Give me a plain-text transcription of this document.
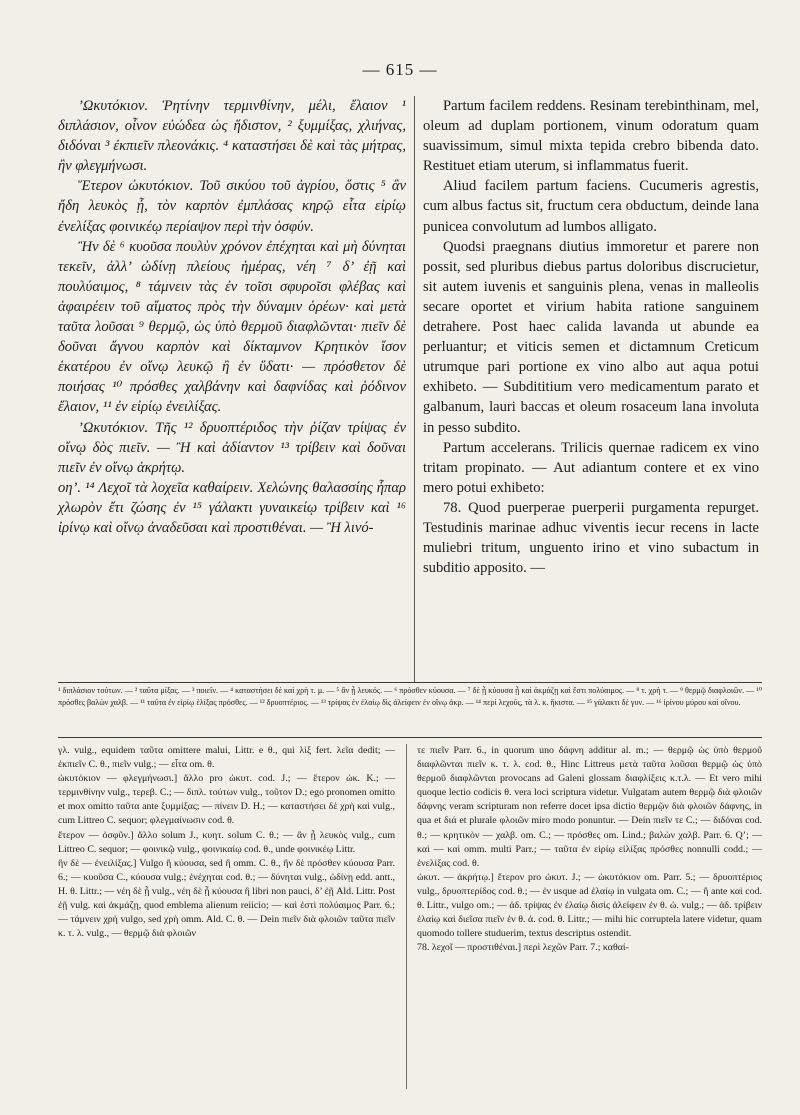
— 615 —

’Ωκυτόκιον. Ῥητίνην τερμινθίνην, μέλι, ἔλαιον ¹ διπλάσιον, οἶνον εὐώδεα ὡς ἥδιστον, ² ξυμμίξας, χλιήνας, διδόναι ³ ἐκπιεῖν πλεονάκις. ⁴ καταστήσει δὲ καὶ τὰς μήτρας, ἢν φλεγμήνωσι.

Ἕτερον ὠκυτόκιον. Τοῦ σικύου τοῦ ἀγρίου, ὅστις ⁵ ἂν ἤδη λευκὸς ᾖ, τὸν καρπὸν ἐμπλάσας κηρῷ εἶτα εἰρίῳ ἐνελίξας φοινικέῳ περίαψον περὶ τὴν ὀσφύν.

Ἢν δὲ ⁶ κυοῦσα πουλὺν χρόνον ἐπέχηται καὶ μὴ δύνηται τεκεῖν, ἀλλ’ ὠδίνῃ πλείους ἡμέρας, νέη ⁷ δ’ ἐῇ καὶ πουλύαιμος, ⁸ τάμνειν τὰς ἐν τοῖσι σφυροῖσι φλέβας καὶ ἀφαιρέειν τοῦ αἵματος πρὸς τὴν δύναμιν ὁρέων· καὶ μετὰ ταῦτα λοῦσαι ⁹ θερμῷ, ὡς ὑπὸ θερμοῦ διαφλῶνται· πιεῖν δὲ δοῦναι ἄγνου καρπὸν καὶ δίκταμνον Κρητικὸν ἴσον ἑκατέρου ἐν οἴνῳ λευκῷ ἢ ἐν ὕδατι· — πρόσθετον δὲ ποιήσας ¹⁰ πρόσθες χαλβάνην καὶ δαφνίδας καὶ ῥόδινον ἔλαιον, ¹¹ ἐν εἰρίῳ ἐνειλίξας.

’Ωκυτόκιον. Τῆς ¹² δρυοπτέριδος τὴν ῥίζαν τρίψας ἐν οἴνῳ δὸς πιεῖν. — Ἢ καὶ ἀδίαντον ¹³ τρίβειν καὶ δοῦναι πιεῖν ἐν οἴνῳ ἀκρήτῳ.

οη’. ¹⁴ Λεχοῖ τὰ λοχεῖα καθαίρειν. Χελώνης θαλασσίης ἧπαρ χλωρὸν ἔτι ζώσης ἐν ¹⁵ γάλακτι γυναικείῳ τρίβειν καὶ ¹⁶ ἰρίνῳ καὶ οἴνῳ ἀναδεῦσαι καὶ προστιθέναι. — Ἢ λινό-

Partum facilem reddens. Resinam terebinthinam, mel, oleum ad duplam portionem, vinum odoratum quam suavissimum, simul mixta tepida crebro bibenda dato. Restituet etiam uterum, si inflammatus fuerit.

Aliud facilem partum faciens. Cucumeris agrestis, cum albus factus sit, fructum cera obductum, deinde lana punicea convolutum ad lumbos alligato.

Quodsi praegnans diutius immoretur et parere non possit, sed pluribus diebus partus doloribus discrucietur, sit autem iuvenis et sanguinis plena, venas in malleolis secare oportet et virium habita ratione sanguinem detrahere. Post haec calida lavanda ut abunde ea perluantur; et viticis semen et dictamnum Creticum utrumque pari portione ex vino albo aut aqua potui exhibeto. — Subdititium vero medicamentum parato et galbanum, lauri baccas et oleum rosaceum lana involuta in pesso subdito.

Partum accelerans. Trilicis quernae radicem ex vino tritam propinato. — Aut adiantum contere et ex vino mero potui exhibeto:

78. Quod puerperae puerperii purgamenta repurget. Testudinis marinae adhuc viventis iecur recens in lacte muliebri tritum, unguento irino et vino subactum in subditio apposito. —

¹ διπλάσιον τούτων. — ² ταῦτα μίξας. — ³ ποιεῖν. — ⁴ καταστήσει δὲ καὶ χρὴ τ. μ. — ⁵ ἂν ᾖ λευκός. — ⁶ πρόσθεν κύουσα. — ⁷ δὲ ᾖ κύουσα ᾖ καὶ ἀκμάζῃ καὶ ἔστι πολύαιμος. — ⁸ τ. χρὴ τ. — ⁹ θερμῷ διαφλοιῶν. — ¹⁰ πρόσθες βαλὼν χαλβ. — ¹¹ ταῦτα ἐν εἰρίῳ ἑλίξας πρόσθες. — ¹² δρυοπτέριος. — ¹³ τρίψας ἐν ἐλαίῳ δὶς ἀλείφειν ἐν οἴνῳ ἀκρ. — ¹⁴ περὶ λεχοῦς, τὰ λ. κ. ἥκιστα. — ¹⁵ γάλακτι δὲ γυν. — ¹⁶ ἰρίνου μύρου καὶ οἴνου.

γλ. vulg., equidem ταῦτα omittere malui, Littr. e θ., qui λὶξ fert. λεῖα dedit; — ἐκπιεῖν C. θ., πιεῖν vulg.; — εἶτα om. θ.

ὠκυτόκιον — φλεγμήνωσι.] ἄλλο pro ὠκυτ. cod. J.; — ἕτερον ὠκ. K.; — τερμινθίνην vulg., τερεβ. C.; — διπλ. τούτων vulg., τοῦτον D.; ego pronomen omitto et mox omitto ταῦτα ante ξυμμίξας; — πίνειν D. H.; — καταστήσει δὲ χρὴ καὶ vulg., cum Littreo C. sequor; φλεγμαίνωσιν cod. θ.

ἕτερον — ὀσφῦν.] ἄλλο solum J., κυητ. solum C. θ.; — ἂν ᾖ λευκὸς vulg., cum Littreo C. sequor; — φοινικῷ vulg., φοινικαίῳ cod. θ., unde φοινικέῳ Littr.

ἢν δὲ — ἐνειλίξας.] Vulgo ἢ κύουσα, sed ἢ omm. C. θ., ἢν δὲ πρόσθεν κύουσα Parr. 6.; — κυοῦσα C., κύουσα vulg.; ἐνέχηται cod. θ.; — δύνηται vulg., ὠδίνῃ edd. antt., H. θ. Littr.; — νέη δὲ ᾖ vulg., νέη δὲ ᾖ κύουσα ἢ libri non pauci, δ’ ἐῇ Ald. Littr. Post ἐῇ vulg. καὶ ἀκμάζῃ, quod emblema alienum reiicio; — καὶ ἐστὶ πολύαιμος Parr. 6.; — τάμνειν χρὴ vulgo, sed χρὴ omm. Ald. C. θ. — Dein πιεῖν διὰ φλοιῶν ταῦτα πιεῖν κ. τ. λ. vulg., — θερμῷ διὰ φλοιῶν

τε πιεῖν Parr. 6., in quorum uno δάφνη additur al. m.; — θερμῷ ὡς ὑπὸ θερμοῦ διαφλῶνται πιεῖν κ. τ. λ. cod. θ., Hinc Littreus μετὰ ταῦτα λοῦσαι θερμῷ ὡς ὑπὸ θερμοῦ διαφλῶνται provocans ad Galeni glossam διαφλίξεις κ.τ.λ. — Et vero mihi quoque lectio codicis θ. vera loci scriptura videtur. Vulgatam autem θερμῷ διὰ φλοιῶν δάφνης veram scripturam non referre docet ipsa dictio θερμῷν διὰ φλοιῶν δάφνης, in qua et διά et plurale φλοιῶν miro modo ponuntur. — Dein πιεῖν τε C.; — διδόναι cod. θ.; — κρητικὸν — χαλβ. om. C.; — πρόσθες om. Lind.; βαλὼν χαλβ. Parr. 6. Q’; — καὶ — καὶ omm. multi Parr.; — ταῦτα ἐν εἰρίῳ εἰλίξας πρόσθες nonnulli codd.; — ἐνελίξας cod. θ.

ὠκυτ. — ἀκρήτῳ.] ἕτερον pro ὠκυτ. J.; — ὠκυτόκιον om. Parr. 5.; — δρυοπτέριος vulg., δρυοπτερίδος cod. θ.; — ἐν usque ad ἐλαίῳ in vulgata om. C.; — ἢ ante καὶ cod. θ. Littr., vulgo om.; — ἀδ. τρίψας ἐν ἐλαίῳ δισὶς ἀλείφειν ἐν θ. ὠ. vulg.; — ἀδ. τρίβειν ἐλαίῳ καὶ διεῖσα πιεῖν ἐν θ. ἀ. cod. θ. Littr.; — mihi hic corruptela latere videtur, quam quomodo tollere studuerim, textus descriptus ostendit.

78. λεχοῖ — προστιθέναι.] περὶ λεχῶν Parr. 7.; καθαί-
